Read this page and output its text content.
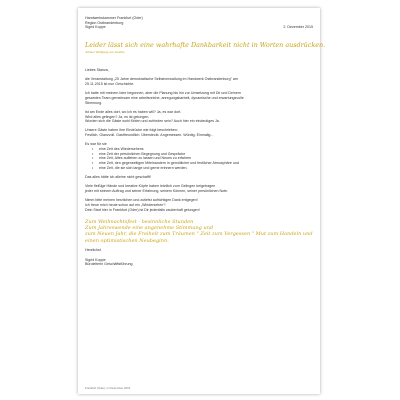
Handwerkskammer Frankfurt (Oder)
Region Ostbrandenburg
Sigrid Koppe	2. Dezember 2015
Leider lässt sich eine wahrhafte Dankbarkeit nicht in Worten ausdrücken.
Johann Wolfgang von Goethe
Liebes Stanza,
die Veranstaltung „25 Jahre demokratische Selbstverwaltung im Handwerk Ostbrandenburg" am
25.11.2015 ist nun Geschichte.
Ich hatte mit meinem Idee begonnen, aber die Planung bis hin zur Umsetzung mit Dir und Deinem
gesamten Team gemeinsam eine arbeitsreiche, anregungsbarbeit, dynamische und erwartungsvolle
Stimmung.
Ist am Ende alles dort, wo ich es haben will? Ja, es war dort.
Wird alles gelingen? Ja, es ist gelungen.
Wurden sich die Gäste wohl fühlen und zufrieden sein? Auch hier ein eindeutiges Ja.
Unsere Gäste haben ihre Eindrücke wie folgt beschrieben:
Festlich. Glanzvoll. Gastfreundlich. Übersteckt. Angemessen. Würdig. Einmalig...
Es war für sie
• eine Zeit des Wiedersehens
• eine Zeit der persönlichen Begegnung und Gespräche
• eine Zeit, Altes aufleben zu lassen und Neues zu erfahren
• eine Zeit, den gegenseitigen Miteinandern in gemütlicher und festlicher Atmosphäre und
• eine Zeit, die sie sich lange und gerne erinnern werden.
Das alles hätte ich alleine nicht geschafft!
Viele fleißige Hände und kreative Köpfe haben letztlich zum Gelingen beigetragen
jeder mit seinem Auftrag und seiner Erfahrung, seinem Können, seiner persönlichen Note.
Nimm bitte meinen herzlichen und zutiefst aufrichtigen Dank entgegen!
Ich freue mich heute schon auf ein „Wiedersehen“!
Dein Start hier in Frankfurt (Oder) ist Dir jedenfalls zauberhaft gelungen!
Zum Weihnachtsfest - besinnliche Stunden
Zum Jahreswende eine angenehme Stimmung und
zum Neuen Jahr, die Freiheit zum Träumen " Zeit zum Vergessen " Mut zum Handeln und
einen optimistischen Neubeginn.
Herzlichst
Sigrid Koppe
Büroleiterin Geschäftsführung
Frankfurt (Oder), im Dezember 2015
